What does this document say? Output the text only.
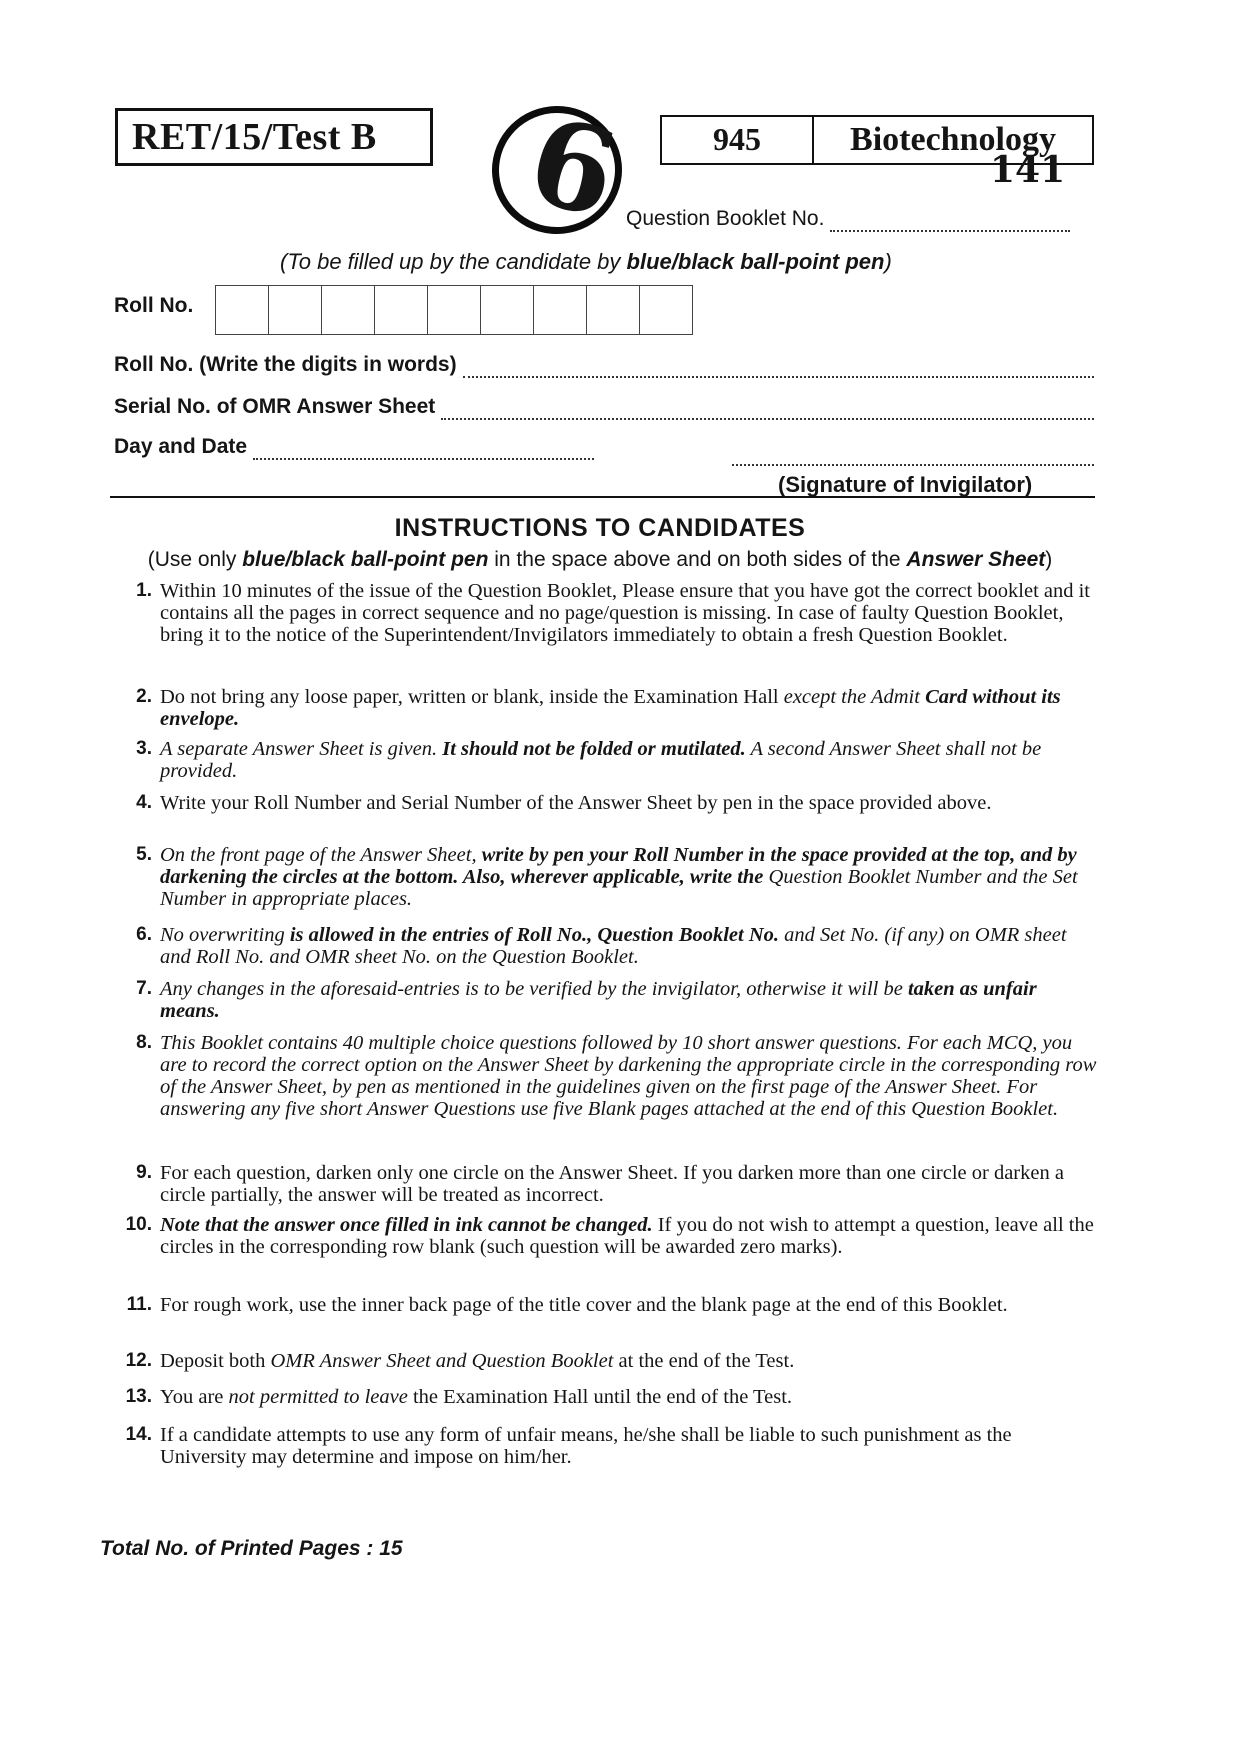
RET/15/Test B	6	945	Biotechnology
141
Question Booklet No.
(To be filled up by the candidate by blue/black ball-point pen)
Roll No.
Roll No. (Write the digits in words)
Serial No. of OMR Answer Sheet
Day and Date
(Signature of Invigilator)
INSTRUCTIONS TO CANDIDATES
(Use only blue/black ball-point pen in the space above and on both sides of the Answer Sheet)
1. Within 10 minutes of the issue of the Question Booklet, Please ensure that you have got the correct booklet and it contains all the pages in correct sequence and no page/question is missing. In case of faulty Question Booklet, bring it to the notice of the Superintendent/Invigilators immediately to obtain a fresh Question Booklet.
2. Do not bring any loose paper, written or blank, inside the Examination Hall except the Admit Card without its envelope.
3. A separate Answer Sheet is given. It should not be folded or mutilated. A second Answer Sheet shall not be provided.
4. Write your Roll Number and Serial Number of the Answer Sheet by pen in the space provided above.
5. On the front page of the Answer Sheet, write by pen your Roll Number in the space provided at the top, and by darkening the circles at the bottom. Also, wherever applicable, write the Question Booklet Number and the Set Number in appropriate places.
6. No overwriting is allowed in the entries of Roll No., Question Booklet No. and Set No. (if any) on OMR sheet and Roll No. and OMR sheet No. on the Question Booklet.
7. Any changes in the aforesaid-entries is to be verified by the invigilator, otherwise it will be taken as unfair means.
8. This Booklet contains 40 multiple choice questions followed by 10 short answer questions. For each MCQ, you are to record the correct option on the Answer Sheet by darkening the appropriate circle in the corresponding row of the Answer Sheet, by pen as mentioned in the guidelines given on the first page of the Answer Sheet. For answering any five short Answer Questions use five Blank pages attached at the end of this Question Booklet.
9. For each question, darken only one circle on the Answer Sheet. If you darken more than one circle or darken a circle partially, the answer will be treated as incorrect.
10. Note that the answer once filled in ink cannot be changed. If you do not wish to attempt a question, leave all the circles in the corresponding row blank (such question will be awarded zero marks).
11. For rough work, use the inner back page of the title cover and the blank page at the end of this Booklet.
12. Deposit both OMR Answer Sheet and Question Booklet at the end of the Test.
13. You are not permitted to leave the Examination Hall until the end of the Test.
14. If a candidate attempts to use any form of unfair means, he/she shall be liable to such punishment as the University may determine and impose on him/her.
Total No. of Printed Pages : 15
